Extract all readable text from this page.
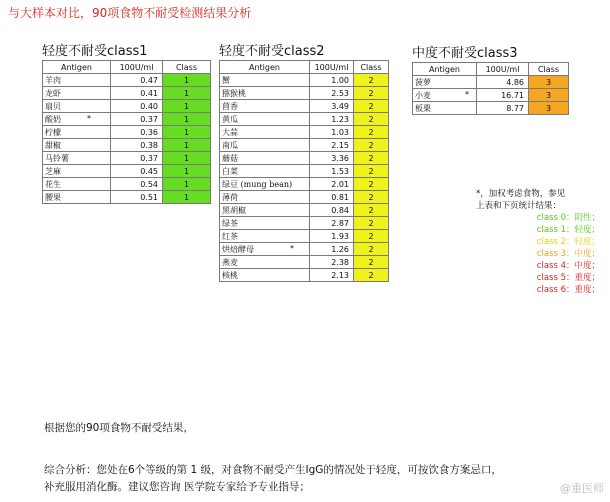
与大样本对比，90项食物不耐受检测结果分析
轻度不耐受class1
Antigen	100U/ml	Class
羊肉	0.47	1
龙虾	0.41	1
扇贝	0.40	1
酸奶 *	0.37	1
柠檬	0.36	1
甜椒	0.38	1
马铃薯	0.37	1
芝麻	0.45	1
花生	0.54	1
腰果	0.51	1
轻度不耐受class2
Antigen	100U/ml	Class
蟹	1.00	2
猕猴桃	2.53	2
茴香	3.49	2
黄瓜	1.23	2
大蒜	1.03	2
南瓜	2.15	2
蘑菇	3.36	2
白菜	1.53	2
绿豆 (mung bean)	2.01	2
薄荷	0.81	2
黑胡椒	0.84	2
绿茶	2.87	2
红茶	1.93	2
烘焙酵母 *	1.26	2
燕麦	2.38	2
核桃	2.13	2
中度不耐受class3
Antigen	100U/ml	Class
菠萝	4.86	3
小麦 *	16.71	3
板栗	8.77	3
*，加权考虑食物，参见
上表和下页统计结果：
class 0：阴性；
class 1：轻度；
class 2：轻度；
class 3：中度；
class 4：中度；
class 5：重度；
class 6：重度；
根据您的90项食物不耐受结果，
综合分析：您处在6个等级的第 1 级，对食物不耐受产生IgG的情况处于轻度，可按饮食方案忌口，
补充服用消化酶。建议您咨询 医学院专家给予专业指导；	@重医师
